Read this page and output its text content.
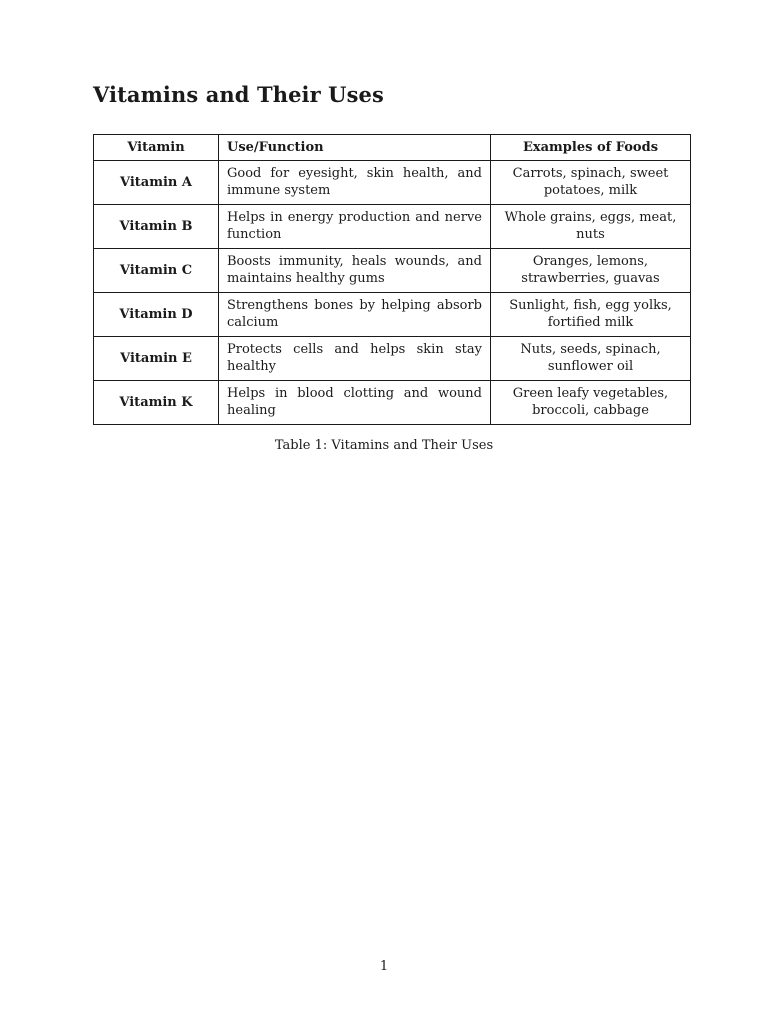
Vitamins and Their Uses
Vitamin	Use/Function	Examples of Foods
Vitamin A	Good for eyesight, skin health, and immune system	Carrots, spinach, sweet potatoes, milk
Vitamin B	Helps in energy production and nerve function	Whole grains, eggs, meat, nuts
Vitamin C	Boosts immunity, heals wounds, and maintains healthy gums	Oranges, lemons, strawberries, guavas
Vitamin D	Strengthens bones by helping absorb calcium	Sunlight, fish, egg yolks, fortified milk
Vitamin E	Protects cells and helps skin stay healthy	Nuts, seeds, spinach, sunflower oil
Vitamin K	Helps in blood clotting and wound healing	Green leafy vegetables, broccoli, cabbage
Table 1: Vitamins and Their Uses
1
